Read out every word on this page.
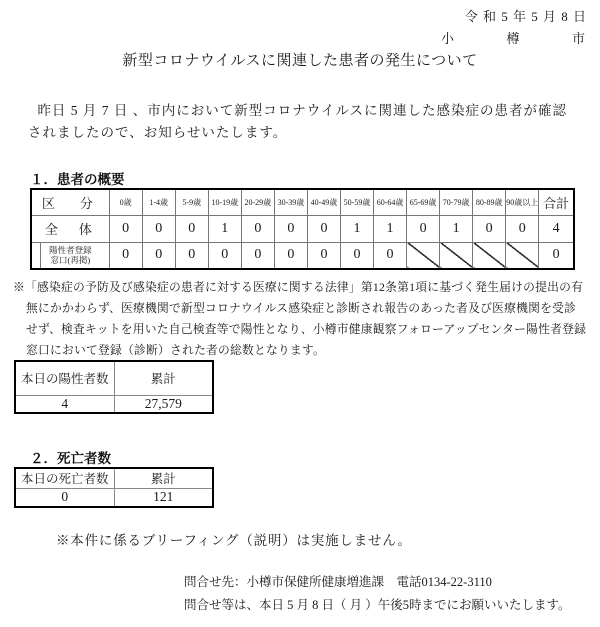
令 和 5 年 5 月 8 日
小	樽	市
新型コロナウイルスに関連した患者の発生について
昨日 5 月 7 日 、市内において新型コロナウイルスに関連した感染症の患者が確認されましたので、お知らせいたします。
１．患者の概要
区　分	0歳	1-4歳	5-9歳	10-19歳	20-29歳	30-39歳	40-49歳	50-59歳	60-64歳	65-69歳	70-79歳	80-89歳	90歳以上	合計
全　体	0	0	0	1	0	0	0	1	1	0	1	0	0	4
陽性者登録
窓口(再掲)	0	0	0	0	0	0	0	0	0					0
※「感染症の予防及び感染症の患者に対する医療に関する法律」第12条第1項に基づく発生届けの提出の有無にかかわらず、医療機関で新型コロナウイルス感染症と診断され報告のあった者及び医療機関を受診せず、検査キットを用いた自己検査等で陽性となり、小樽市健康観察フォローアップセンター陽性者登録窓口において登録（診断）された者の総数となります。
本日の陽性者数	累計
4	27,579
２．死亡者数
本日の死亡者数	累計
0	121
※本件に係るブリーフィング（説明）は実施しません。
問合せ先：小樽市保健所健康増進課　電話0134-22-3110
問合せ等は、本日 5 月 8 日（ 月 ）午後5時までにお願いいたします。
